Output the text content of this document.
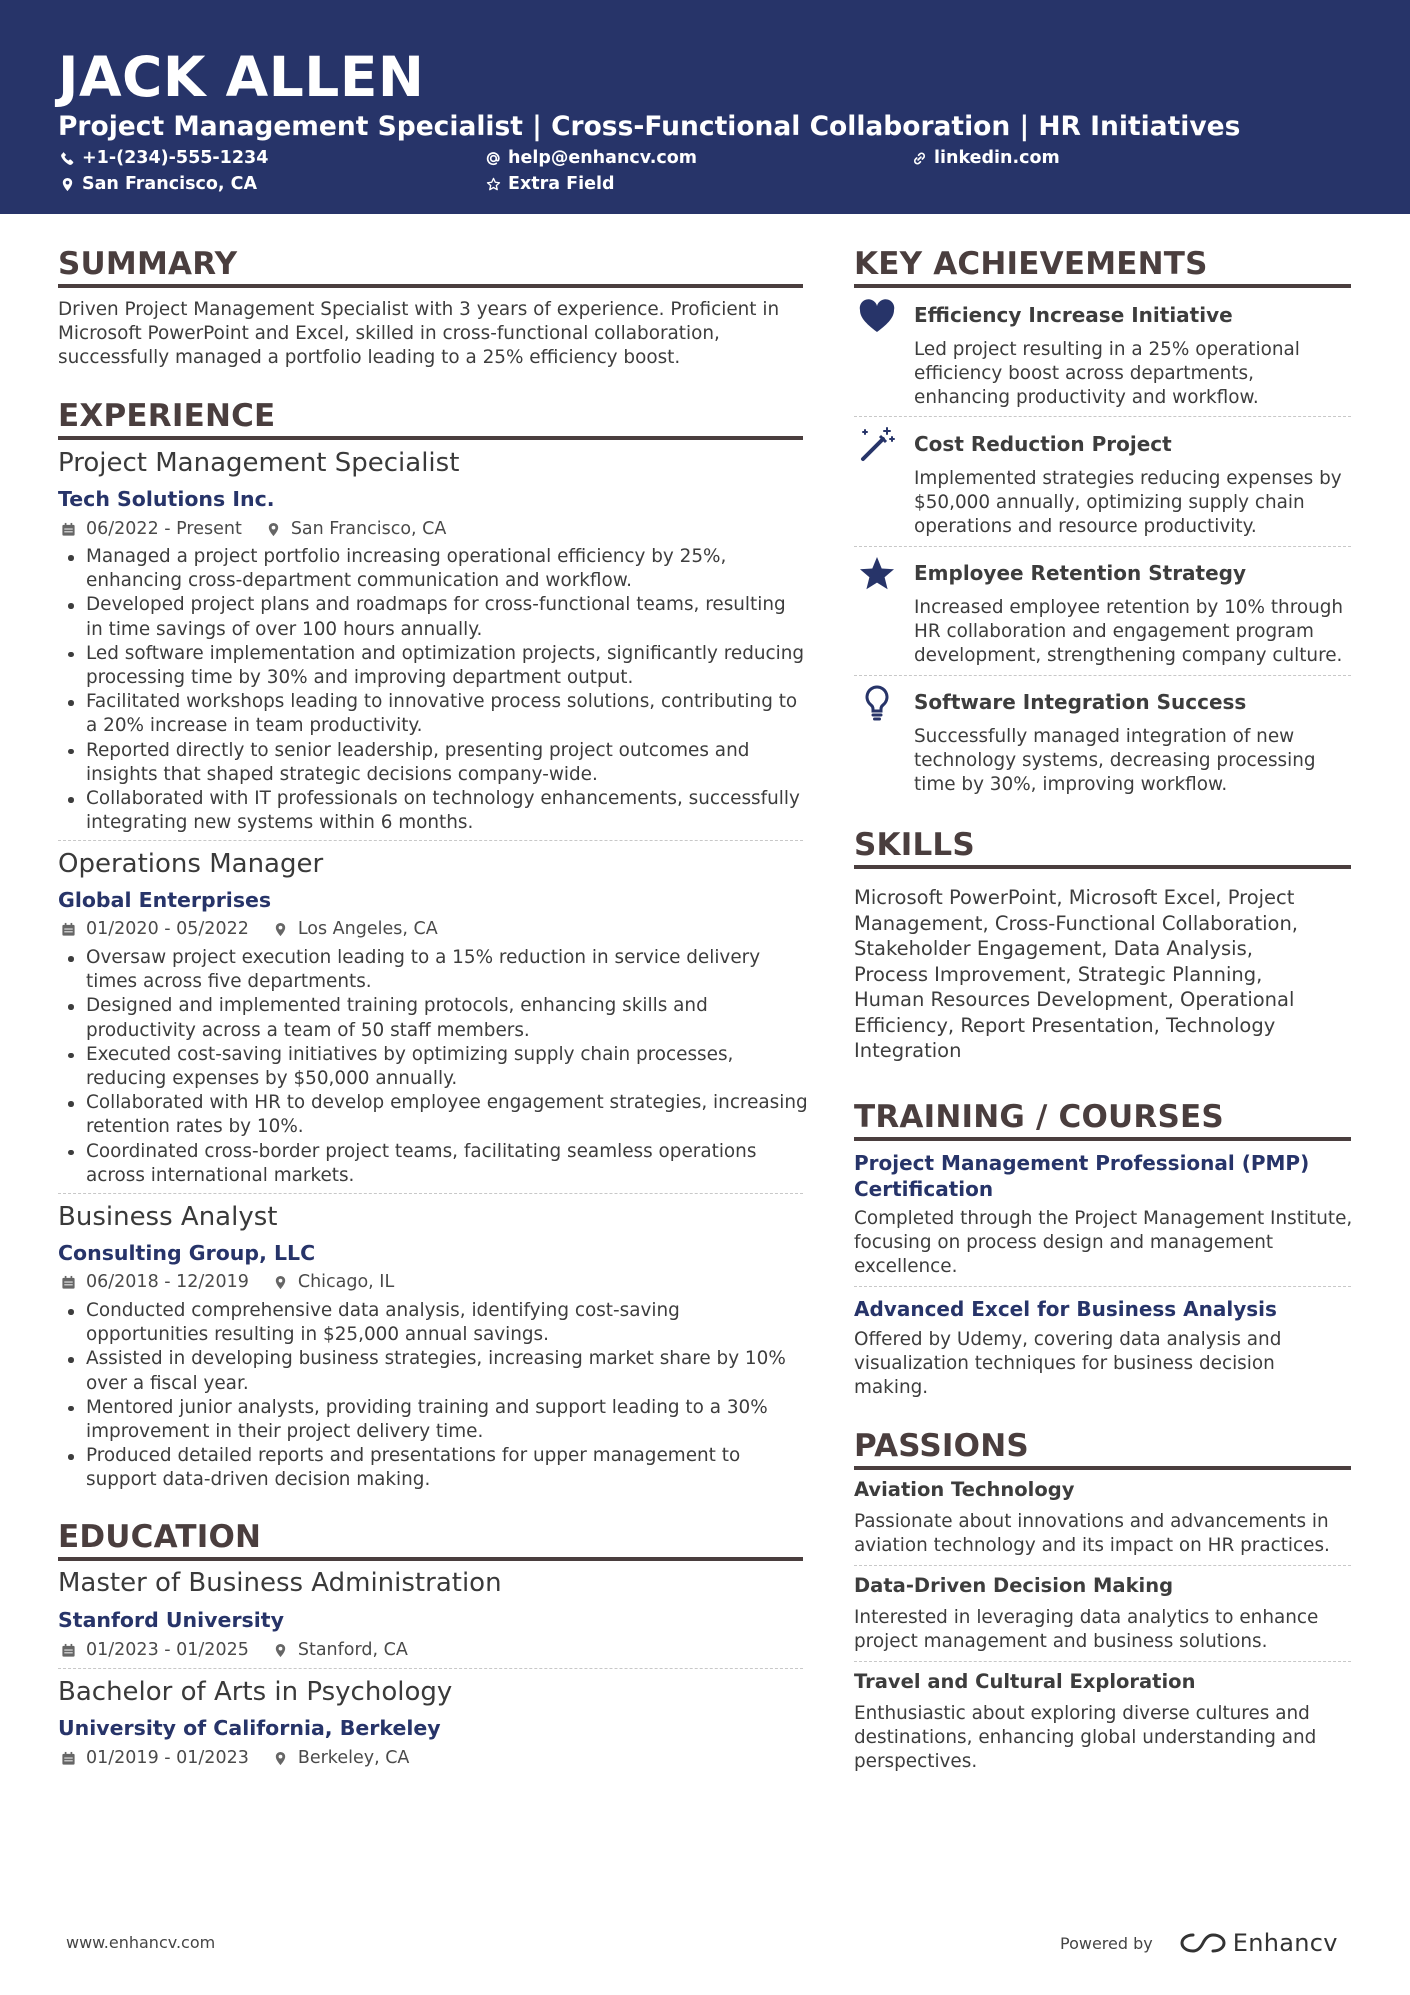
JACK ALLEN
Project Management Specialist | Cross-Functional Collaboration | HR Initiatives
+1-(234)-555-1234	help@enhancv.com	linkedin.com
San Francisco, CA	Extra Field
SUMMARY
Driven Project Management Specialist with 3 years of experience. Proficient in
Microsoft PowerPoint and Excel, skilled in cross-functional collaboration,
successfully managed a portfolio leading to a 25% efficiency boost.
EXPERIENCE
Project Management Specialist
Tech Solutions Inc.
06/2022 - Present	San Francisco, CA
Managed a project portfolio increasing operational efficiency by 25%,
enhancing cross-department communication and workflow.
Developed project plans and roadmaps for cross-functional teams, resulting
in time savings of over 100 hours annually.
Led software implementation and optimization projects, significantly reducing
processing time by 30% and improving department output.
Facilitated workshops leading to innovative process solutions, contributing to
a 20% increase in team productivity.
Reported directly to senior leadership, presenting project outcomes and
insights that shaped strategic decisions company-wide.
Collaborated with IT professionals on technology enhancements, successfully
integrating new systems within 6 months.
Operations Manager
Global Enterprises
01/2020 - 05/2022	Los Angeles, CA
Oversaw project execution leading to a 15% reduction in service delivery
times across five departments.
Designed and implemented training protocols, enhancing skills and
productivity across a team of 50 staff members.
Executed cost-saving initiatives by optimizing supply chain processes,
reducing expenses by $50,000 annually.
Collaborated with HR to develop employee engagement strategies, increasing
retention rates by 10%.
Coordinated cross-border project teams, facilitating seamless operations
across international markets.
Business Analyst
Consulting Group, LLC
06/2018 - 12/2019	Chicago, IL
Conducted comprehensive data analysis, identifying cost-saving
opportunities resulting in $25,000 annual savings.
Assisted in developing business strategies, increasing market share by 10%
over a fiscal year.
Mentored junior analysts, providing training and support leading to a 30%
improvement in their project delivery time.
Produced detailed reports and presentations for upper management to
support data-driven decision making.
EDUCATION
Master of Business Administration
Stanford University
01/2023 - 01/2025	Stanford, CA
Bachelor of Arts in Psychology
University of California, Berkeley
01/2019 - 01/2023	Berkeley, CA
KEY ACHIEVEMENTS
Efficiency Increase Initiative
Led project resulting in a 25% operational
efficiency boost across departments,
enhancing productivity and workflow.
Cost Reduction Project
Implemented strategies reducing expenses by
$50,000 annually, optimizing supply chain
operations and resource productivity.
Employee Retention Strategy
Increased employee retention by 10% through
HR collaboration and engagement program
development, strengthening company culture.
Software Integration Success
Successfully managed integration of new
technology systems, decreasing processing
time by 30%, improving workflow.
SKILLS
Microsoft PowerPoint, Microsoft Excel, Project
Management, Cross-Functional Collaboration,
Stakeholder Engagement, Data Analysis,
Process Improvement, Strategic Planning,
Human Resources Development, Operational
Efficiency, Report Presentation, Technology
Integration
TRAINING / COURSES
Project Management Professional (PMP)
Certification
Completed through the Project Management Institute,
focusing on process design and management
excellence.
Advanced Excel for Business Analysis
Offered by Udemy, covering data analysis and
visualization techniques for business decision
making.
PASSIONS
Aviation Technology
Passionate about innovations and advancements in
aviation technology and its impact on HR practices.
Data-Driven Decision Making
Interested in leveraging data analytics to enhance
project management and business solutions.
Travel and Cultural Exploration
Enthusiastic about exploring diverse cultures and
destinations, enhancing global understanding and
perspectives.
www.enhancv.com	Powered by	Enhancv
